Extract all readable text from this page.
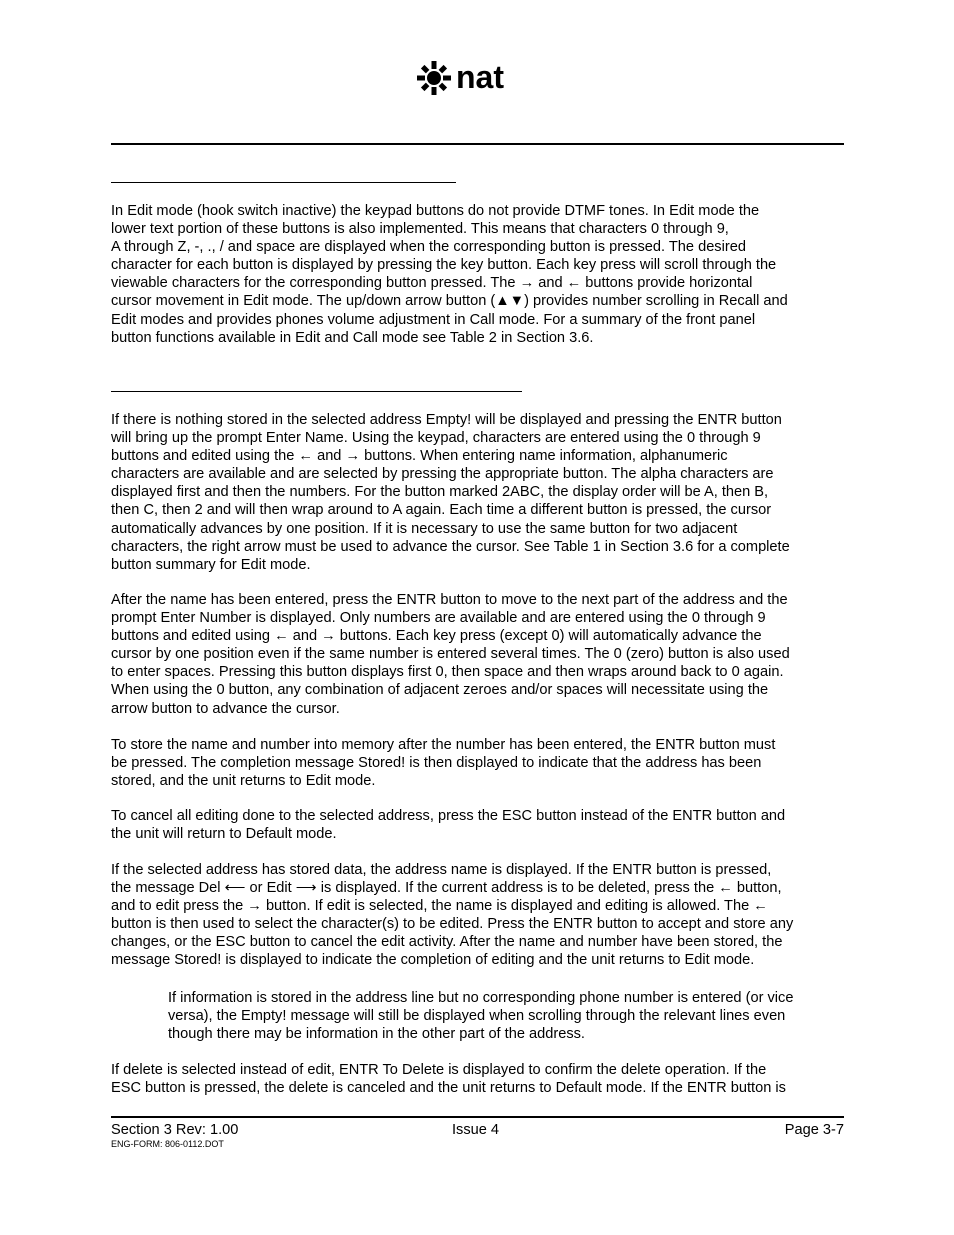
nat

In Edit mode (hook switch inactive) the keypad buttons do not provide DTMF tones. In Edit mode the
lower text portion of these buttons is also implemented. This means that characters 0 through 9,
A through Z, -, ., / and space are displayed when the corresponding button is pressed. The desired
character for each button is displayed by pressing the key button. Each key press will scroll through the
viewable characters for the corresponding button pressed. The → and ← buttons provide horizontal
cursor movement in Edit mode. The up/down arrow button (▲▼) provides number scrolling in Recall and
Edit modes and provides phones volume adjustment in Call mode. For a summary of the front panel
button functions available in Edit and Call mode see Table 2 in Section 3.6.

If there is nothing stored in the selected address Empty! will be displayed and pressing the ENTR button
will bring up the prompt Enter Name. Using the keypad, characters are entered using the 0 through 9
buttons and edited using the ← and → buttons. When entering name information, alphanumeric
characters are available and are selected by pressing the appropriate button. The alpha characters are
displayed first and then the numbers. For the button marked 2ABC, the display order will be A, then B,
then C, then 2 and will then wrap around to A again. Each time a different button is pressed, the cursor
automatically advances by one position. If it is necessary to use the same button for two adjacent
characters, the right arrow must be used to advance the cursor. See Table 1 in Section 3.6 for a complete
button summary for Edit mode.

After the name has been entered, press the ENTR button to move to the next part of the address and the
prompt Enter Number is displayed. Only numbers are available and are entered using the 0 through 9
buttons and edited using ← and → buttons. Each key press (except 0) will automatically advance the
cursor by one position even if the same number is entered several times. The 0 (zero) button is also used
to enter spaces. Pressing this button displays first 0, then space and then wraps around back to 0 again.
When using the 0 button, any combination of adjacent zeroes and/or spaces will necessitate using the
arrow button to advance the cursor.

To store the name and number into memory after the number has been entered, the ENTR button must
be pressed. The completion message Stored! is then displayed to indicate that the address has been
stored, and the unit returns to Edit mode.

To cancel all editing done to the selected address, press the ESC button instead of the ENTR button and
the unit will return to Default mode.

If the selected address has stored data, the address name is displayed. If the ENTR button is pressed,
the message Del ⟵ or Edit ⟶ is displayed. If the current address is to be deleted, press the ← button,
and to edit press the → button. If edit is selected, the name is displayed and editing is allowed. The ←
button is then used to select the character(s) to be edited. Press the ENTR button to accept and store any
changes, or the ESC button to cancel the edit activity. After the name and number have been stored, the
message Stored! is displayed to indicate the completion of editing and the unit returns to Edit mode.

If information is stored in the address line but no corresponding phone number is entered (or vice
versa), the Empty! message will still be displayed when scrolling through the relevant lines even
though there may be information in the other part of the address.

If delete is selected instead of edit, ENTR To Delete is displayed to confirm the delete operation. If the
ESC button is pressed, the delete is canceled and the unit returns to Default mode. If the ENTR button is

Section 3 Rev: 1.00
ENG-FORM: 806-0112.DOT
Issue 4	Page 3-7
